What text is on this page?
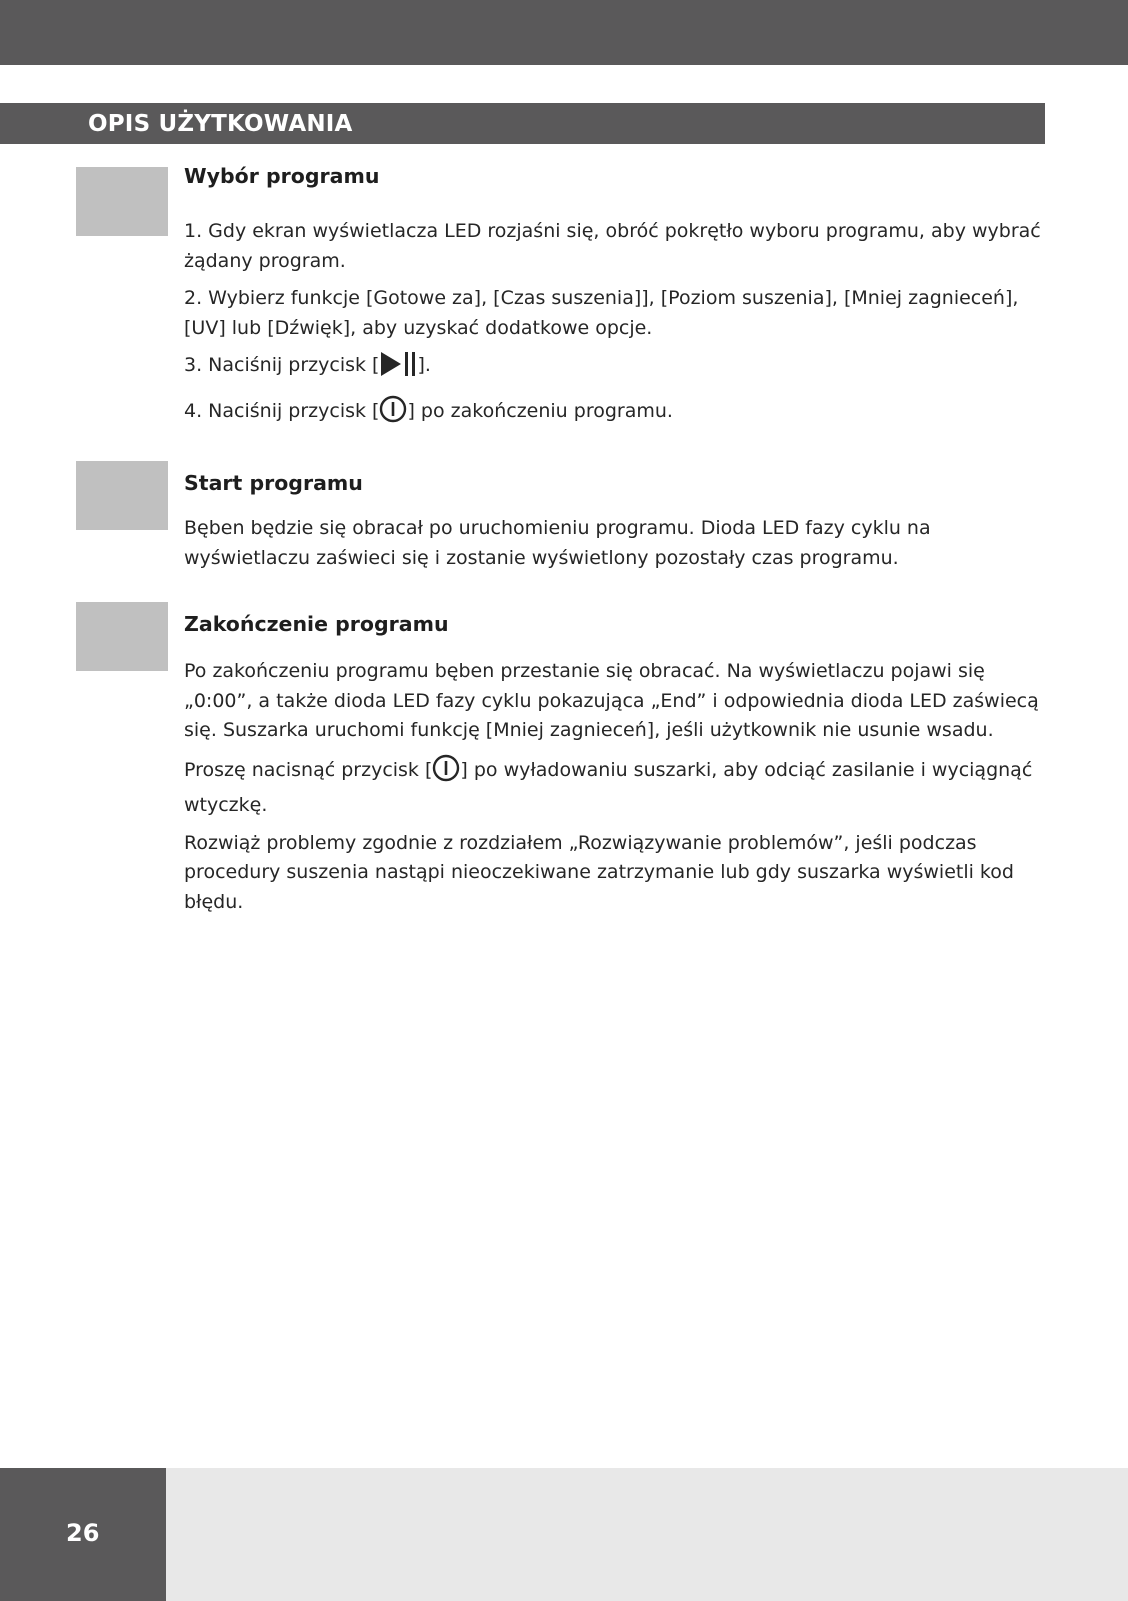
OPIS UŻYTKOWANIA
Wybór programu

1. Gdy ekran wyświetlacza LED rozjaśni się, obróć pokrętło wyboru programu, aby wybrać żądany program.

2. Wybierz funkcje [Gotowe za], [Czas suszenia]], [Poziom suszenia], [Mniej zagnieceń], [UV] lub [Dźwięk], aby uzyskać dodatkowe opcje.

3. Naciśnij przycisk [ ].

4. Naciśnij przycisk [ ] po zakończeniu programu.

Start programu

Bęben będzie się obracał po uruchomieniu programu. Dioda LED fazy cyklu na wyświetlaczu zaświeci się i zostanie wyświetlony pozostały czas programu.

Zakończenie programu

Po zakończeniu programu bęben przestanie się obracać. Na wyświetlaczu pojawi się „0:00”, a także dioda LED fazy cyklu pokazująca „End” i odpowiednia dioda LED zaświecą się. Suszarka uruchomi funkcję [Mniej zagnieceń], jeśli użytkownik nie usunie wsadu.

Proszę nacisnąć przycisk [ ] po wyładowaniu suszarki, aby odciąć zasilanie i wyciągnąć wtyczkę.

Rozwiąż problemy zgodnie z rozdziałem „Rozwiązywanie problemów”, jeśli podczas procedury suszenia nastąpi nieoczekiwane zatrzymanie lub gdy suszarka wyświetli kod błędu.

26
